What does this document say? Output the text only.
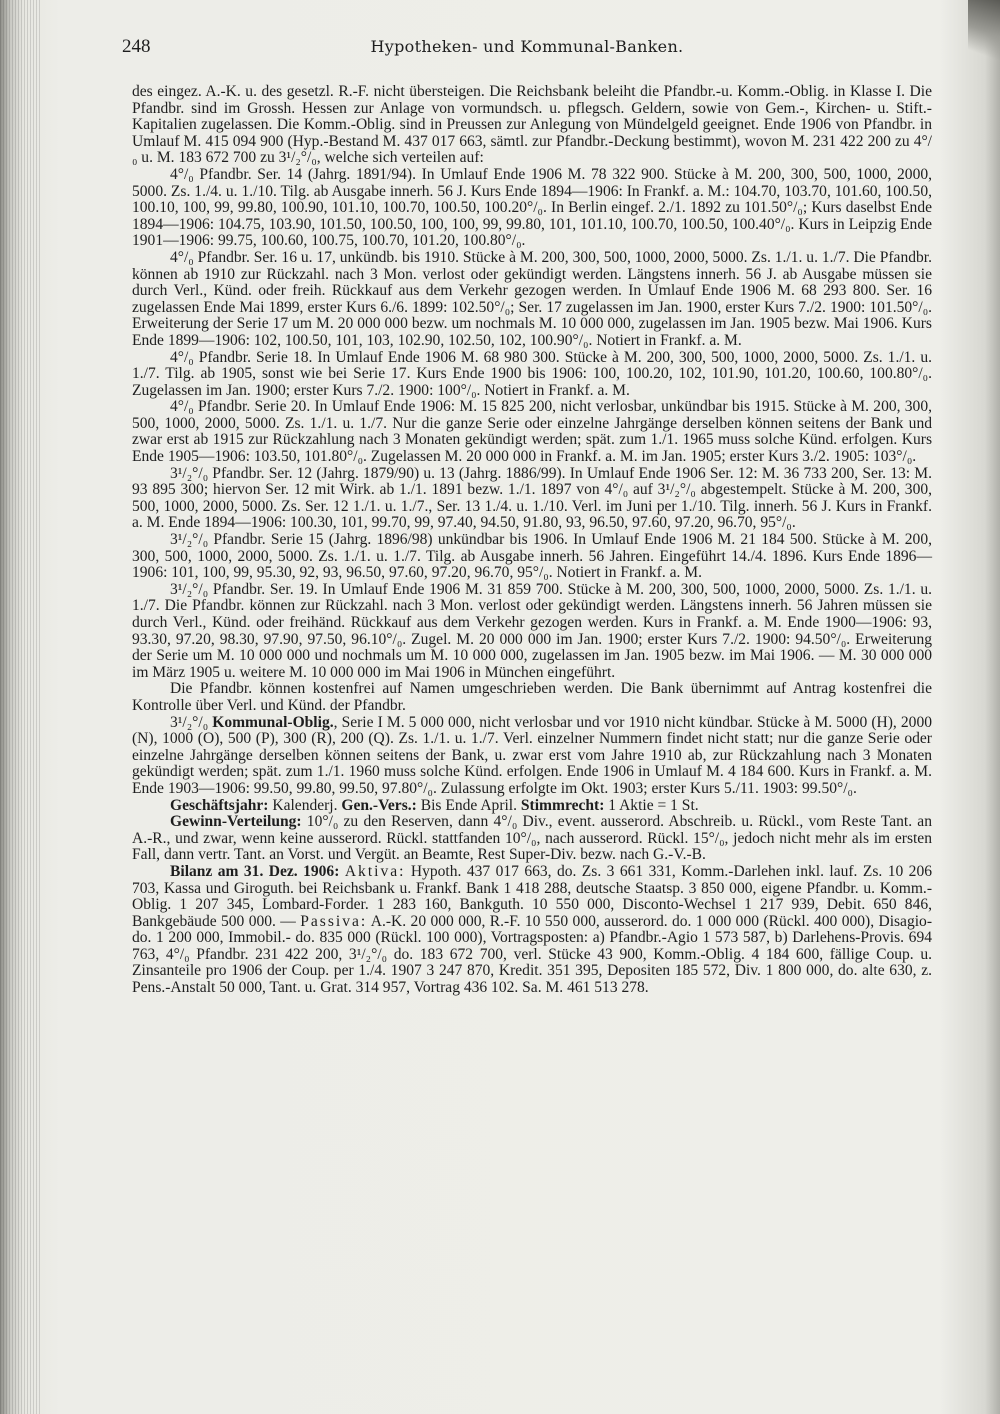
248	Hypotheken- und Kommunal-Banken.

des eingez. A.-K. u. des gesetzl. R.-F. nicht übersteigen. Die Reichsbank beleiht die Pfandbr.-u. Komm.-Oblig. in Klasse I. Die Pfandbr. sind im Grossh. Hessen zur Anlage von vormundsch. u. pflegsch. Geldern, sowie von Gem.-, Kirchen- u. Stift.-Kapitalien zugelassen. Die Komm.-Oblig. sind in Preussen zur Anlegung von Mündelgeld geeignet. Ende 1906 von Pfandbr. in Umlauf M. 415 094 900 (Hyp.-Bestand M. 437 017 663, sämtl. zur Pfandbr.-Deckung bestimmt), wovon M. 231 422 200 zu 4°/₀ u. M. 183 672 700 zu 3¹/₂°/₀, welche sich verteilen auf:

4°/₀ Pfandbr. Ser. 14 (Jahrg. 1891/94). In Umlauf Ende 1906 M. 78 322 900. Stücke à M. 200, 300, 500, 1000, 2000, 5000. Zs. 1./4. u. 1./10. Tilg. ab Ausgabe innerh. 56 J. Kurs Ende 1894—1906: In Frankf. a. M.: 104.70, 103.70, 101.60, 100.50, 100.10, 100, 99, 99.80, 100.90, 101.10, 100.70, 100.50, 100.20°/₀. In Berlin eingef. 2./1. 1892 zu 101.50°/₀; Kurs daselbst Ende 1894—1906: 104.75, 103.90, 101.50, 100.50, 100, 100, 99, 99.80, 101, 101.10, 100.70, 100.50, 100.40°/₀. Kurs in Leipzig Ende 1901—1906: 99.75, 100.60, 100.75, 100.70, 101.20, 100.80°/₀.

4°/₀ Pfandbr. Ser. 16 u. 17, unkündb. bis 1910. Stücke à M. 200, 300, 500, 1000, 2000, 5000. Zs. 1./1. u. 1./7. Die Pfandbr. können ab 1910 zur Rückzahl. nach 3 Mon. verlost oder gekündigt werden. Längstens innerh. 56 J. ab Ausgabe müssen sie durch Verl., Künd. oder freih. Rückkauf aus dem Verkehr gezogen werden. In Umlauf Ende 1906 M. 68 293 800. Ser. 16 zugelassen Ende Mai 1899, erster Kurs 6./6. 1899: 102.50°/₀; Ser. 17 zugelassen im Jan. 1900, erster Kurs 7./2. 1900: 101.50°/₀. Erweiterung der Serie 17 um M. 20 000 000 bezw. um nochmals M. 10 000 000, zugelassen im Jan. 1905 bezw. Mai 1906. Kurs Ende 1899—1906: 102, 100.50, 101, 103, 102.90, 102.50, 102, 100.90°/₀. Notiert in Frankf. a. M.

4°/₀ Pfandbr. Serie 18. In Umlauf Ende 1906 M. 68 980 300. Stücke à M. 200, 300, 500, 1000, 2000, 5000. Zs. 1./1. u. 1./7. Tilg. ab 1905, sonst wie bei Serie 17. Kurs Ende 1900 bis 1906: 100, 100.20, 102, 101.90, 101.20, 100.60, 100.80°/₀. Zugelassen im Jan. 1900; erster Kurs 7./2. 1900: 100°/₀. Notiert in Frankf. a. M.

4°/₀ Pfandbr. Serie 20. In Umlauf Ende 1906: M. 15 825 200, nicht verlosbar, unkündbar bis 1915. Stücke à M. 200, 300, 500, 1000, 2000, 5000. Zs. 1./1. u. 1./7. Nur die ganze Serie oder einzelne Jahrgänge derselben können seitens der Bank und zwar erst ab 1915 zur Rückzahlung nach 3 Monaten gekündigt werden; spät. zum 1./1. 1965 muss solche Künd. erfolgen. Kurs Ende 1905—1906: 103.50, 101.80°/₀. Zugelassen M. 20 000 000 in Frankf. a. M. im Jan. 1905; erster Kurs 3./2. 1905: 103°/₀.

3¹/₂°/₀ Pfandbr. Ser. 12 (Jahrg. 1879/90) u. 13 (Jahrg. 1886/99). In Umlauf Ende 1906 Ser. 12: M. 36 733 200, Ser. 13: M. 93 895 300; hiervon Ser. 12 mit Wirk. ab 1./1. 1891 bezw. 1./1. 1897 von 4°/₀ auf 3¹/₂°/₀ abgestempelt. Stücke à M. 200, 300, 500, 1000, 2000, 5000. Zs. Ser. 12 1./1. u. 1./7., Ser. 13 1./4. u. 1./10. Verl. im Juni per 1./10. Tilg. innerh. 56 J. Kurs in Frankf. a. M. Ende 1894—1906: 100.30, 101, 99.70, 99, 97.40, 94.50, 91.80, 93, 96.50, 97.60, 97.20, 96.70, 95°/₀.

3¹/₂°/₀ Pfandbr. Serie 15 (Jahrg. 1896/98) unkündbar bis 1906. In Umlauf Ende 1906 M. 21 184 500. Stücke à M. 200, 300, 500, 1000, 2000, 5000. Zs. 1./1. u. 1./7. Tilg. ab Ausgabe innerh. 56 Jahren. Eingeführt 14./4. 1896. Kurs Ende 1896—1906: 101, 100, 99, 95.30, 92, 93, 96.50, 97.60, 97.20, 96.70, 95°/₀. Notiert in Frankf. a. M.

3¹/₂°/₀ Pfandbr. Ser. 19. In Umlauf Ende 1906 M. 31 859 700. Stücke à M. 200, 300, 500, 1000, 2000, 5000. Zs. 1./1. u. 1./7. Die Pfandbr. können zur Rückzahl. nach 3 Mon. verlost oder gekündigt werden. Längstens innerh. 56 Jahren müssen sie durch Verl., Künd. oder freihänd. Rückkauf aus dem Verkehr gezogen werden. Kurs in Frankf. a. M. Ende 1900—1906: 93, 93.30, 97.20, 98.30, 97.90, 97.50, 96.10°/₀. Zugel. M. 20 000 000 im Jan. 1900; erster Kurs 7./2. 1900: 94.50°/₀. Erweiterung der Serie um M. 10 000 000 und nochmals um M. 10 000 000, zugelassen im Jan. 1905 bezw. im Mai 1906. — M. 30 000 000 im März 1905 u. weitere M. 10 000 000 im Mai 1906 in München eingeführt.

Die Pfandbr. können kostenfrei auf Namen umgeschrieben werden. Die Bank übernimmt auf Antrag kostenfrei die Kontrolle über Verl. und Künd. der Pfandbr.

3¹/₂°/₀ Kommunal-Oblig., Serie I M. 5 000 000, nicht verlosbar und vor 1910 nicht kündbar. Stücke à M. 5000 (H), 2000 (N), 1000 (O), 500 (P), 300 (R), 200 (Q). Zs. 1./1. u. 1./7. Verl. einzelner Nummern findet nicht statt; nur die ganze Serie oder einzelne Jahrgänge derselben können seitens der Bank, u. zwar erst vom Jahre 1910 ab, zur Rückzahlung nach 3 Monaten gekündigt werden; spät. zum 1./1. 1960 muss solche Künd. erfolgen. Ende 1906 in Umlauf M. 4 184 600. Kurs in Frankf. a. M. Ende 1903—1906: 99.50, 99.80, 99.50, 97.80°/₀. Zulassung erfolgte im Okt. 1903; erster Kurs 5./11. 1903: 99.50°/₀.

Geschäftsjahr: Kalenderj. Gen.-Vers.: Bis Ende April. Stimmrecht: 1 Aktie = 1 St.

Gewinn-Verteilung: 10°/₀ zu den Reserven, dann 4°/₀ Div., event. ausserord. Abschreib. u. Rückl., vom Reste Tant. an A.-R., und zwar, wenn keine ausserord. Rückl. stattfanden 10°/₀, nach ausserord. Rückl. 15°/₀, jedoch nicht mehr als im ersten Fall, dann vertr. Tant. an Vorst. und Vergüt. an Beamte, Rest Super-Div. bezw. nach G.-V.-B.

Bilanz am 31. Dez. 1906: Aktiva: Hypoth. 437 017 663, do. Zs. 3 661 331, Komm.-Darlehen inkl. lauf. Zs. 10 206 703, Kassa und Giroguth. bei Reichsbank u. Frankf. Bank 1 418 288, deutsche Staatsp. 3 850 000, eigene Pfandbr. u. Komm.-Oblig. 1 207 345, Lombard-Forder. 1 283 160, Bankguth. 10 550 000, Disconto-Wechsel 1 217 939, Debit. 650 846, Bankgebäude 500 000. — Passiva: A.-K. 20 000 000, R.-F. 10 550 000, ausserord. do. 1 000 000 (Rückl. 400 000), Disagio-do. 1 200 000, Immobil.- do. 835 000 (Rückl. 100 000), Vortragsposten: a) Pfandbr.-Agio 1 573 587, b) Darlehens-Provis. 694 763, 4°/₀ Pfandbr. 231 422 200, 3¹/₂°/₀ do. 183 672 700, verl. Stücke 43 900, Komm.-Oblig. 4 184 600, fällige Coup. u. Zinsanteile pro 1906 der Coup. per 1./4. 1907 3 247 870, Kredit. 351 395, Depositen 185 572, Div. 1 800 000, do. alte 630, z. Pens.-Anstalt 50 000, Tant. u. Grat. 314 957, Vortrag 436 102. Sa. M. 461 513 278.
